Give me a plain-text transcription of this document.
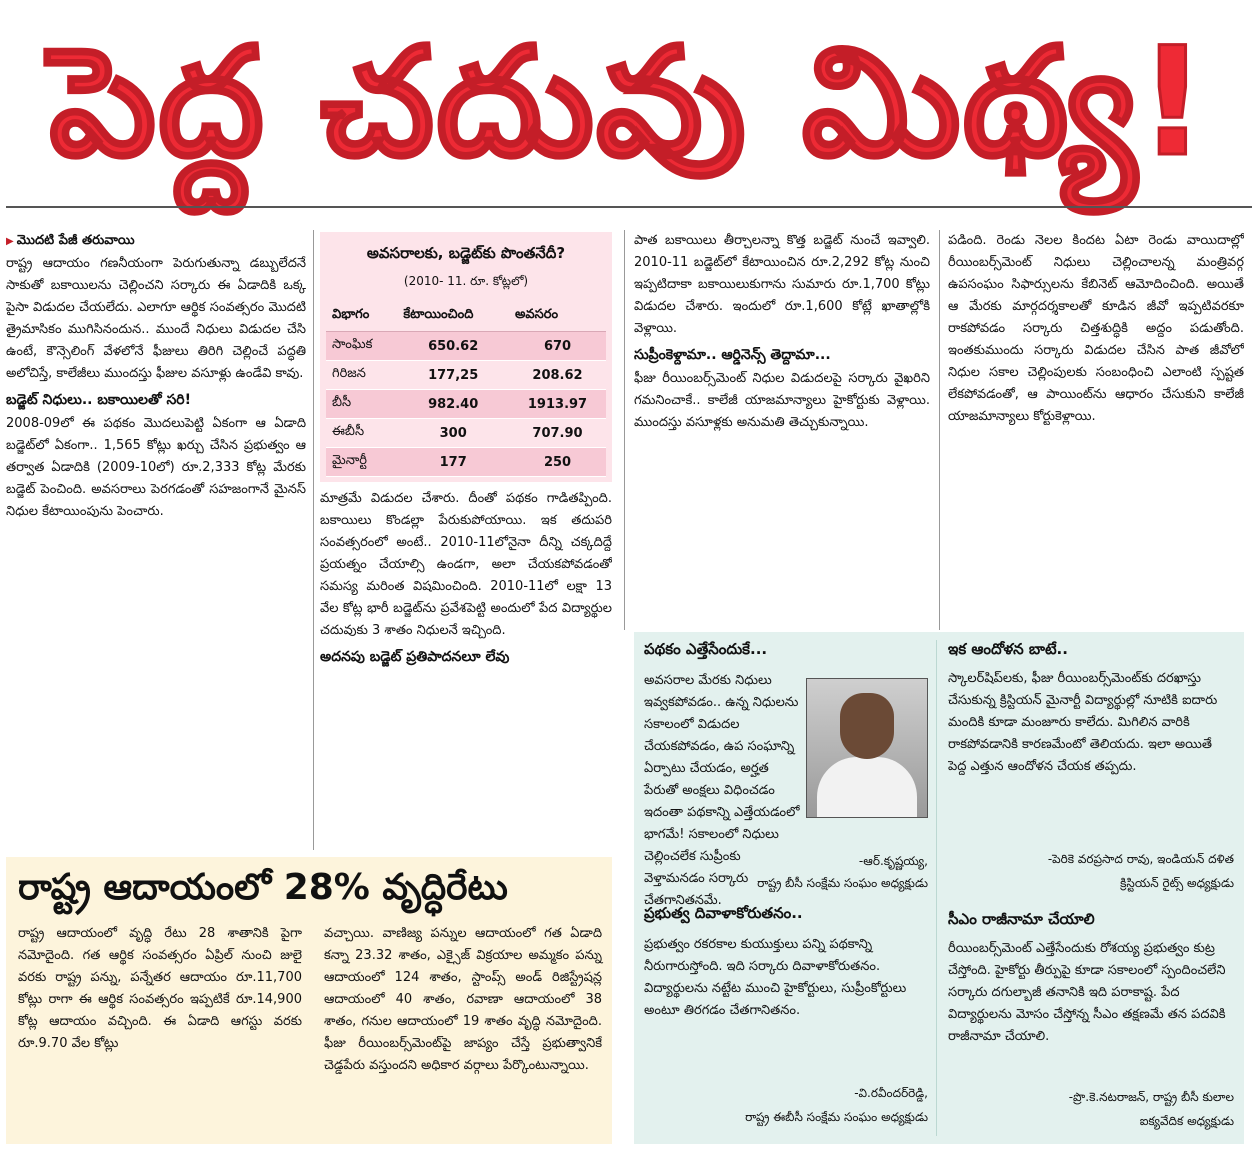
పెద్ద చదువు మిథ్య!
▶ మొదటి పేజీ తరువాయి

రాష్ట్ర ఆదాయం గణనీయంగా పెరుగుతున్నా డబ్బులేదనే సాకుతో బకాయిలను చెల్లించని సర్కారు ఈ ఏడాదికి ఒక్క పైసా విడుదల చేయలేదు. ఎలాగూ ఆర్థిక సంవత్సరం మొదటి త్రైమాసికం ముగిసినందున.. ముందే నిధులు విడుదల చేసి ఉంటే, కౌన్సెలింగ్ వేళలోనే ఫీజులు తిరిగి చెల్లించే పద్ధతి అలోచిస్తే, కాలేజీలు ముందస్తు ఫీజుల వసూళ్లు ఉండేవి కావు.

బడ్జెట్ నిధులు.. బకాయిలతో సరి!

2008-09లో ఈ పథకం మొదలుపెట్టి ఏకంగా ఆ ఏడాది బడ్జెట్‌లో ఏకంగా.. 1,565 కోట్లు ఖర్చు చేసిన ప్రభుత్వం ఆ తర్వాత ఏడాదికి (2009-10లో) రూ.2,333 కోట్ల మేరకు బడ్జెట్ పెంచింది. అవసరాలు పెరగడంతో సహజంగానే మైనస్ నిధుల కేటాయింపును పెంచారు.

అవసరాలకు, బడ్జెట్‌కు పొంతనేదీ?
(2010- 11. రూ. కోట్లలో)
విభాగం	కేటాయించింది	అవసరం
సాంఘిక	650.62	670
గిరిజన	177,25	208.62
బీసీ	982.40	1913.97
ఈబీసీ	300	707.90
మైనార్టీ	177	250

మాత్రమే విడుదల చేశారు. దీంతో పథకం గాడితప్పింది. బకాయిలు కొండల్లా పేరుకుపోయాయి. ఇక తదుపరి సంవత్సరంలో అంటే.. 2010-11లోనైనా దీన్ని చక్కదిద్దే ప్రయత్నం చేయాల్సి ఉండగా, అలా చేయకపోవడంతో సమస్య మరింత విషమించింది. 2010-11లో లక్షా 13 వేల కోట్ల భారీ బడ్జెట్‌ను ప్రవేశపెట్టి అందులో పేద విద్యార్థుల చదువుకు 3 శాతం నిధులనే ఇచ్చింది.

అదనపు బడ్జెట్ ప్రతిపాదనలూ లేవు

పాత బకాయిలు తీర్చాలన్నా కొత్త బడ్జెట్ నుంచే ఇవ్వాలి. 2010-11 బడ్జెట్‌లో కేటాయించిన రూ.2,292 కోట్ల నుంచి ఇప్పటిదాకా బకాయిలుకుగాను సుమారు రూ.1,700 కోట్లు విడుదల చేశారు. ఇందులో రూ.1,600 కోట్లే ఖాతాల్లోకి వెళ్లాయి.

సుప్రీంకెళ్దామా.. ఆర్డినెన్స్ తెద్దామా...

ఫీజు రీయింబర్స్‌మెంట్ నిధుల విడుదలపై సర్కారు వైఖరిని గమనించాకే.. కాలేజీ యాజమాన్యాలు హైకోర్టుకు వెళ్లాయి. ముందస్తు వసూళ్లకు అనుమతి తెచ్చుకున్నాయి.

పడింది. రెండు నెలల కిందట ఏటా రెండు వాయిదాల్లో రీయింబర్స్‌మెంట్ నిధులు చెల్లించాలన్న మంత్రివర్గ ఉపసంఘం సిఫార్సులను కేబినెట్ ఆమోదించింది. అయితే ఆ మేరకు మార్గదర్శకాలతో కూడిన జీవో ఇప్పటివరకూ రాకపోవడం సర్కారు చిత్తశుద్ధికి అద్దం పడుతోంది. ఇంతకుముందు సర్కారు విడుదల చేసిన పాత జీవోలో నిధుల సకాల చెల్లింపులకు సంబంధించి ఎలాంటి స్పష్టత లేకపోవడంతో, ఆ పాయింట్‌ను ఆధారం చేసుకుని కాలేజీ యాజమాన్యాలు కోర్టుకెళ్లాయి.

రాష్ట్ర ఆదాయంలో 28% వృద్ధిరేటు
రాష్ట్ర ఆదాయంలో వృద్ధి రేటు 28 శాతానికి పైగా నమోదైంది. గత ఆర్థిక సంవత్సరం ఏప్రిల్ నుంచి జులై వరకు రాష్ట్ర పన్ను, పన్నేతర ఆదాయం రూ.11,700 కోట్లు రాగా ఈ ఆర్థిక సంవత్సరం ఇప్పటికే రూ.14,900 కోట్ల ఆదాయం వచ్చింది. ఈ ఏడాది ఆగస్టు వరకు రూ.9.70 వేల కోట్లు
వచ్చాయి. వాణిజ్య పన్నుల ఆదాయంలో గత ఏడాది కన్నా 23.32 శాతం, ఎక్సైజ్ విక్రయాల అమ్మకం పన్ను ఆదాయంలో 124 శాతం, స్టాంప్స్ అండ్ రిజిస్ట్రేషన్ల ఆదాయంలో 40 శాతం, రవాణా ఆదాయంలో 38 శాతం, గనుల ఆదాయంలో 19 శాతం వృద్ధి నమోదైంది. ఫీజు రీయింబర్స్‌మెంట్‌పై జాప్యం చేస్తే ప్రభుత్వానికే చెడ్డపేరు వస్తుందని అధికార వర్గాలు పేర్కొంటున్నాయి.
పథకం ఎత్తేసేందుకే...
అవసరాల మేరకు నిధులు ఇవ్వకపోవడం.. ఉన్న నిధులను సకాలంలో విడుదల చేయకపోవడం, ఉప సంఘాన్ని ఏర్పాటు చేయడం, అర్హత పేరుతో అంక్షలు విధించడం ఇదంతా పథకాన్ని ఎత్తేయడంలో భాగమే! సకాలంలో నిధులు చెల్లించలేక సుప్రీంకు వెళ్తామనడం సర్కారు చేతగానితనమే.
-ఆర్.కృష్ణయ్య,
రాష్ట్ర బీసీ సంక్షేమ సంఘం అధ్యక్షుడు
ప్రభుత్వ దివాళాకోరుతనం..
ప్రభుత్వం రకరకాల కుయుక్తులు పన్ని పథకాన్ని నీరుగారుస్తోంది. ఇది సర్కారు దివాళాకోరుతనం. విద్యార్థులను నట్టేట ముంచి హైకోర్టులు, సుప్రీంకోర్టులు అంటూ తిరగడం చేతగానితనం.
-వి.రవీందర్‌రెడ్డి,
రాష్ట్ర ఈబీసీ సంక్షేమ సంఘం అధ్యక్షుడు
ఇక ఆందోళన బాటే..
స్కాలర్‌షిప్‌లకు, ఫీజు రీయింబర్స్‌మెంట్‌కు దరఖాస్తు చేసుకున్న క్రిస్టియన్ మైనార్టీ విద్యార్థుల్లో నూటికి ఐదారు మందికి కూడా మంజూరు కాలేదు. మిగిలిన వారికి రాకపోవడానికి కారణమేంటో తెలియదు. ఇలా అయితే పెద్ద ఎత్తున ఆందోళన చేయక తప్పదు.
-పెరికె వరప్రసాద రావు, ఇండియన్ దళిత
క్రిస్టియన్ రైట్స్ అధ్యక్షుడు
సీఎం రాజీనామా చేయాలి
రీయింబర్స్‌మెంట్ ఎత్తేసేందుకు రోశయ్య ప్రభుత్వం కుట్ర చేస్తోంది. హైకోర్టు తీర్పుపై కూడా సకాలంలో స్పందించలేని సర్కారు దగుల్బాజీ తనానికి ఇది పరాకాష్ట. పేద విద్యార్థులను మోసం చేస్తోన్న సీఎం తక్షణమే తన పదవికి రాజీనామా చేయాలి.
-ప్రొ.కె.నటరాజన్, రాష్ట్ర బీసీ కులాల
ఐక్యవేదిక అధ్యక్షుడు
